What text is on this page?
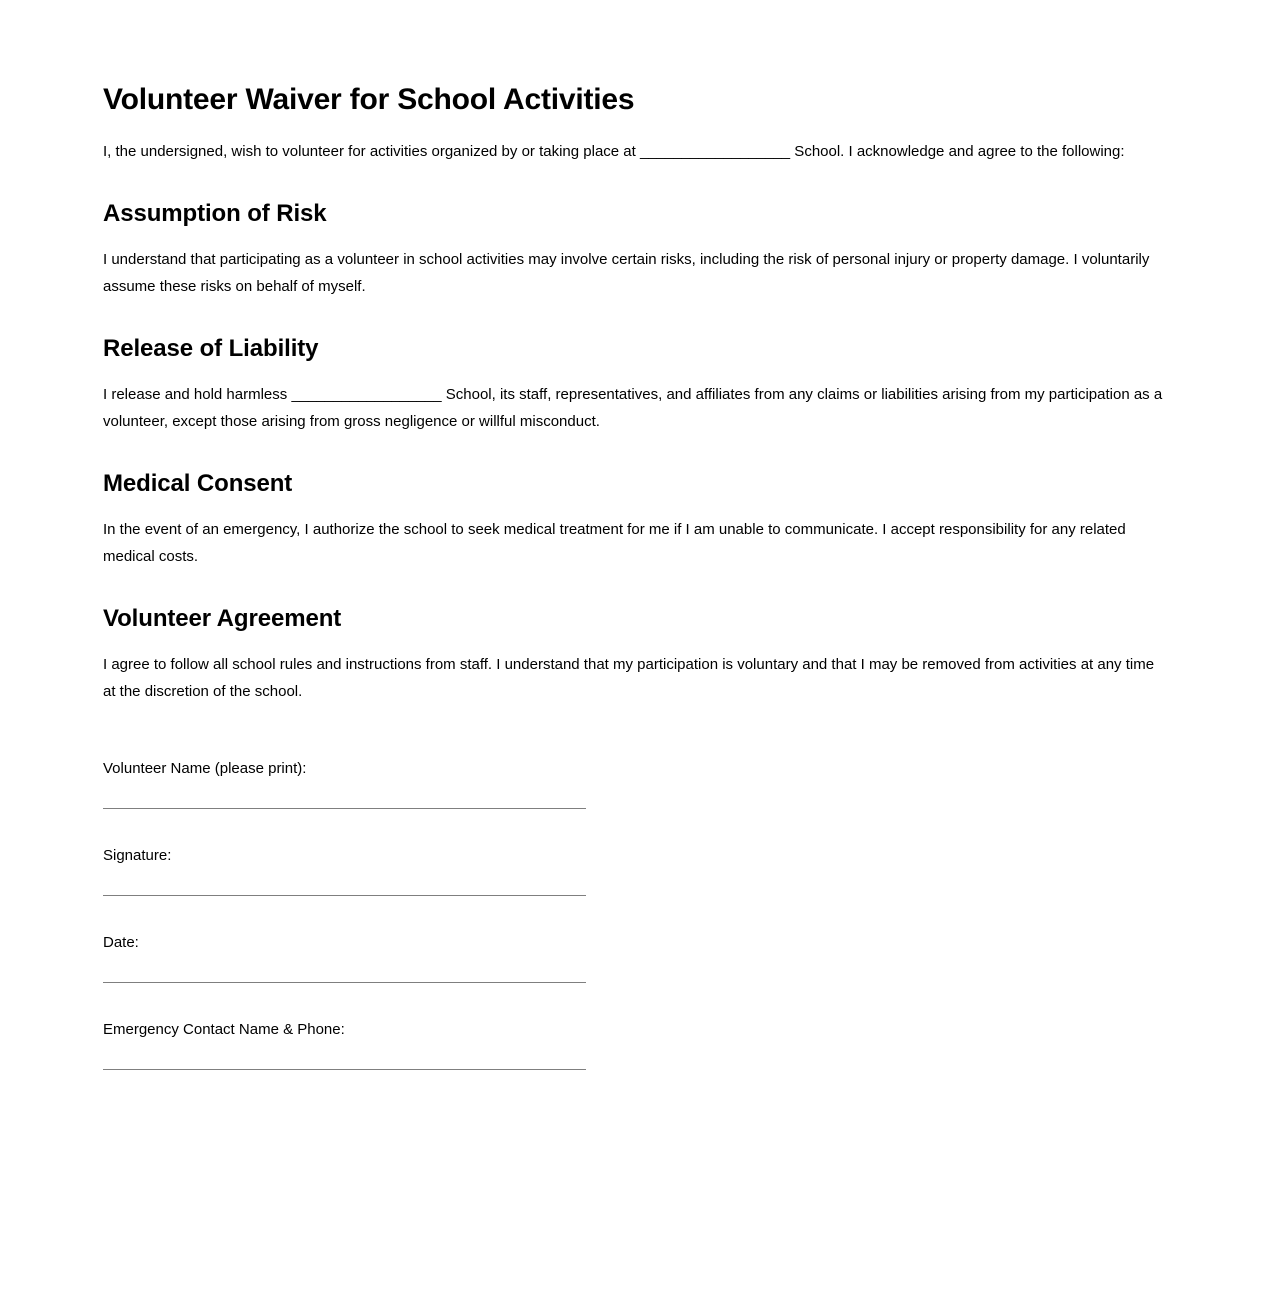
Volunteer Waiver for School Activities

I, the undersigned, wish to volunteer for activities organized by or taking place at __________________ School. I acknowledge and agree to the following:

Assumption of Risk

I understand that participating as a volunteer in school activities may involve certain risks, including the risk of personal injury or property damage. I voluntarily assume these risks on behalf of myself.

Release of Liability

I release and hold harmless __________________ School, its staff, representatives, and affiliates from any claims or liabilities arising from my participation as a volunteer, except those arising from gross negligence or willful misconduct.

Medical Consent

In the event of an emergency, I authorize the school to seek medical treatment for me if I am unable to communicate. I accept responsibility for any related medical costs.

Volunteer Agreement

I agree to follow all school rules and instructions from staff. I understand that my participation is voluntary and that I may be removed from activities at any time at the discretion of the school.

Volunteer Name (please print):
Signature:
Date:
Emergency Contact Name & Phone:
